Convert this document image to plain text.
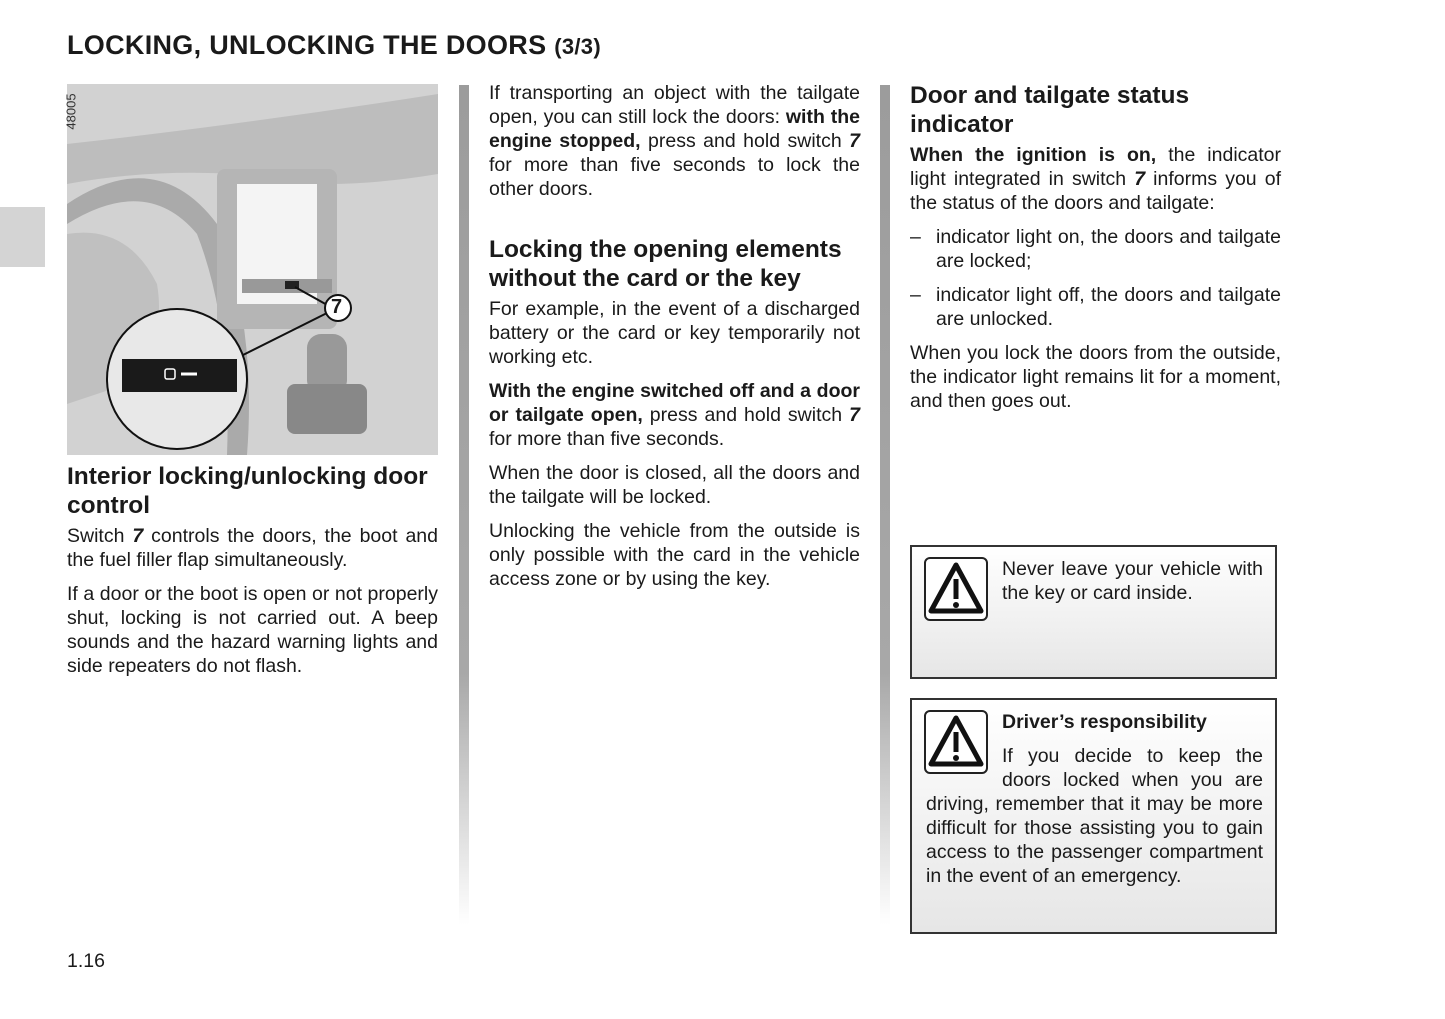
LOCKING, UNLOCKING THE DOORS (3/3)
7
48005
Interior locking/unlocking door control

Switch 7 controls the doors, the boot and the fuel filler flap simultaneously.

If a door or the boot is open or not properly shut, locking is not carried out. A beep sounds and the hazard warning lights and side repeaters do not flash.

If transporting an object with the tailgate open, you can still lock the doors: with the engine stopped, press and hold switch 7 for more than five seconds to lock the other doors.

Locking the opening elements without the card or the key

For example, in the event of a discharged battery or the card or key temporarily not working etc.

With the engine switched off and a door or tailgate open, press and hold switch 7 for more than five seconds.

When the door is closed, all the doors and the tailgate will be locked.

Unlocking the vehicle from the outside is only possible with the card in the vehicle access zone or by using the key.

Door and tailgate status indicator

When the ignition is on, the indicator light integrated in switch 7 informs you of the status of the doors and tailgate:

– indicator light on, the doors and tailgate are locked;
– indicator light off, the doors and tailgate are unlocked.

When you lock the doors from the outside, the indicator light remains lit for a moment, and then goes out.

Never leave your vehicle with the key or card inside.
Driver’s responsibility
If you decide to keep the doors locked when you are driving, remember that it may be more difficult for those assisting you to gain access to the passenger compartment in the event of an emergency.
1.16
